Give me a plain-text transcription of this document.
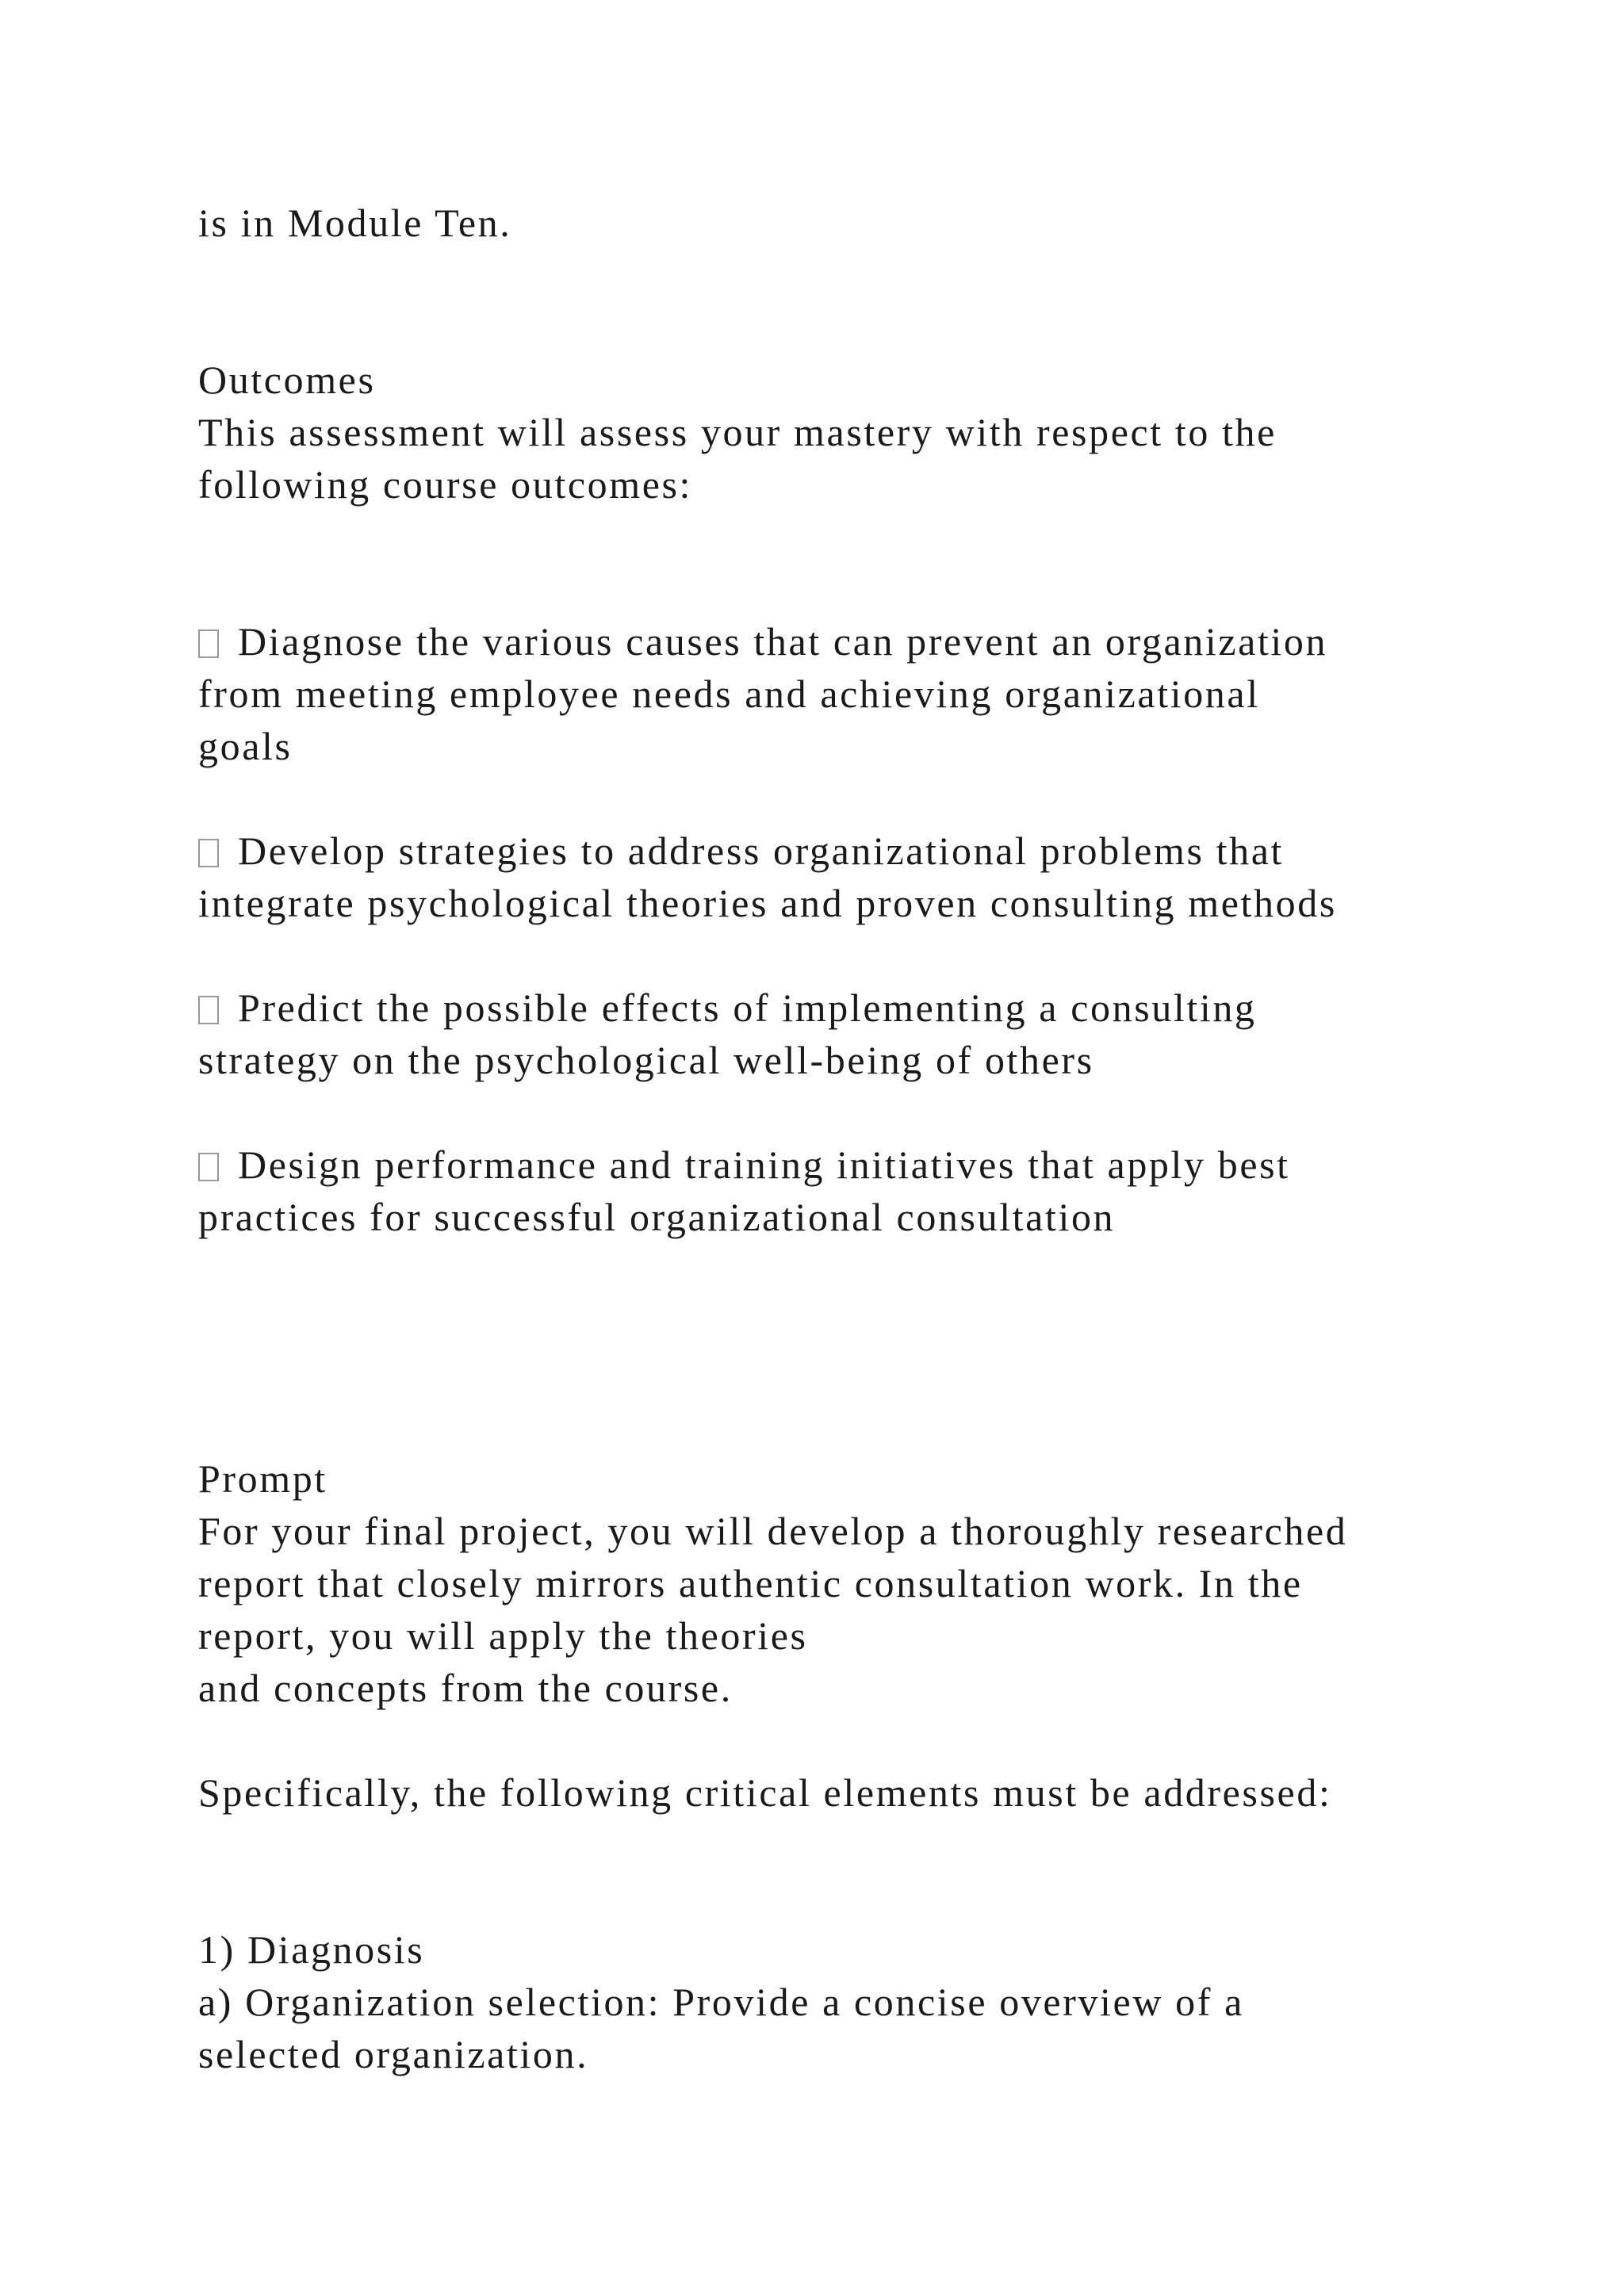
is in Module Ten.
Outcomes
This assessment will assess your mastery with respect to the
following course outcomes:
Diagnose the various causes that can prevent an organization
from meeting employee needs and achieving organizational
goals
Develop strategies to address organizational problems that
integrate psychological theories and proven consulting methods
Predict the possible effects of implementing a consulting
strategy on the psychological well-being of others
Design performance and training initiatives that apply best
practices for successful organizational consultation
Prompt
For your final project, you will develop a thoroughly researched
report that closely mirrors authentic consultation work. In the
report, you will apply the theories
and concepts from the course.
Specifically, the following critical elements must be addressed:
1) Diagnosis
a) Organization selection: Provide a concise overview of a
selected organization.
